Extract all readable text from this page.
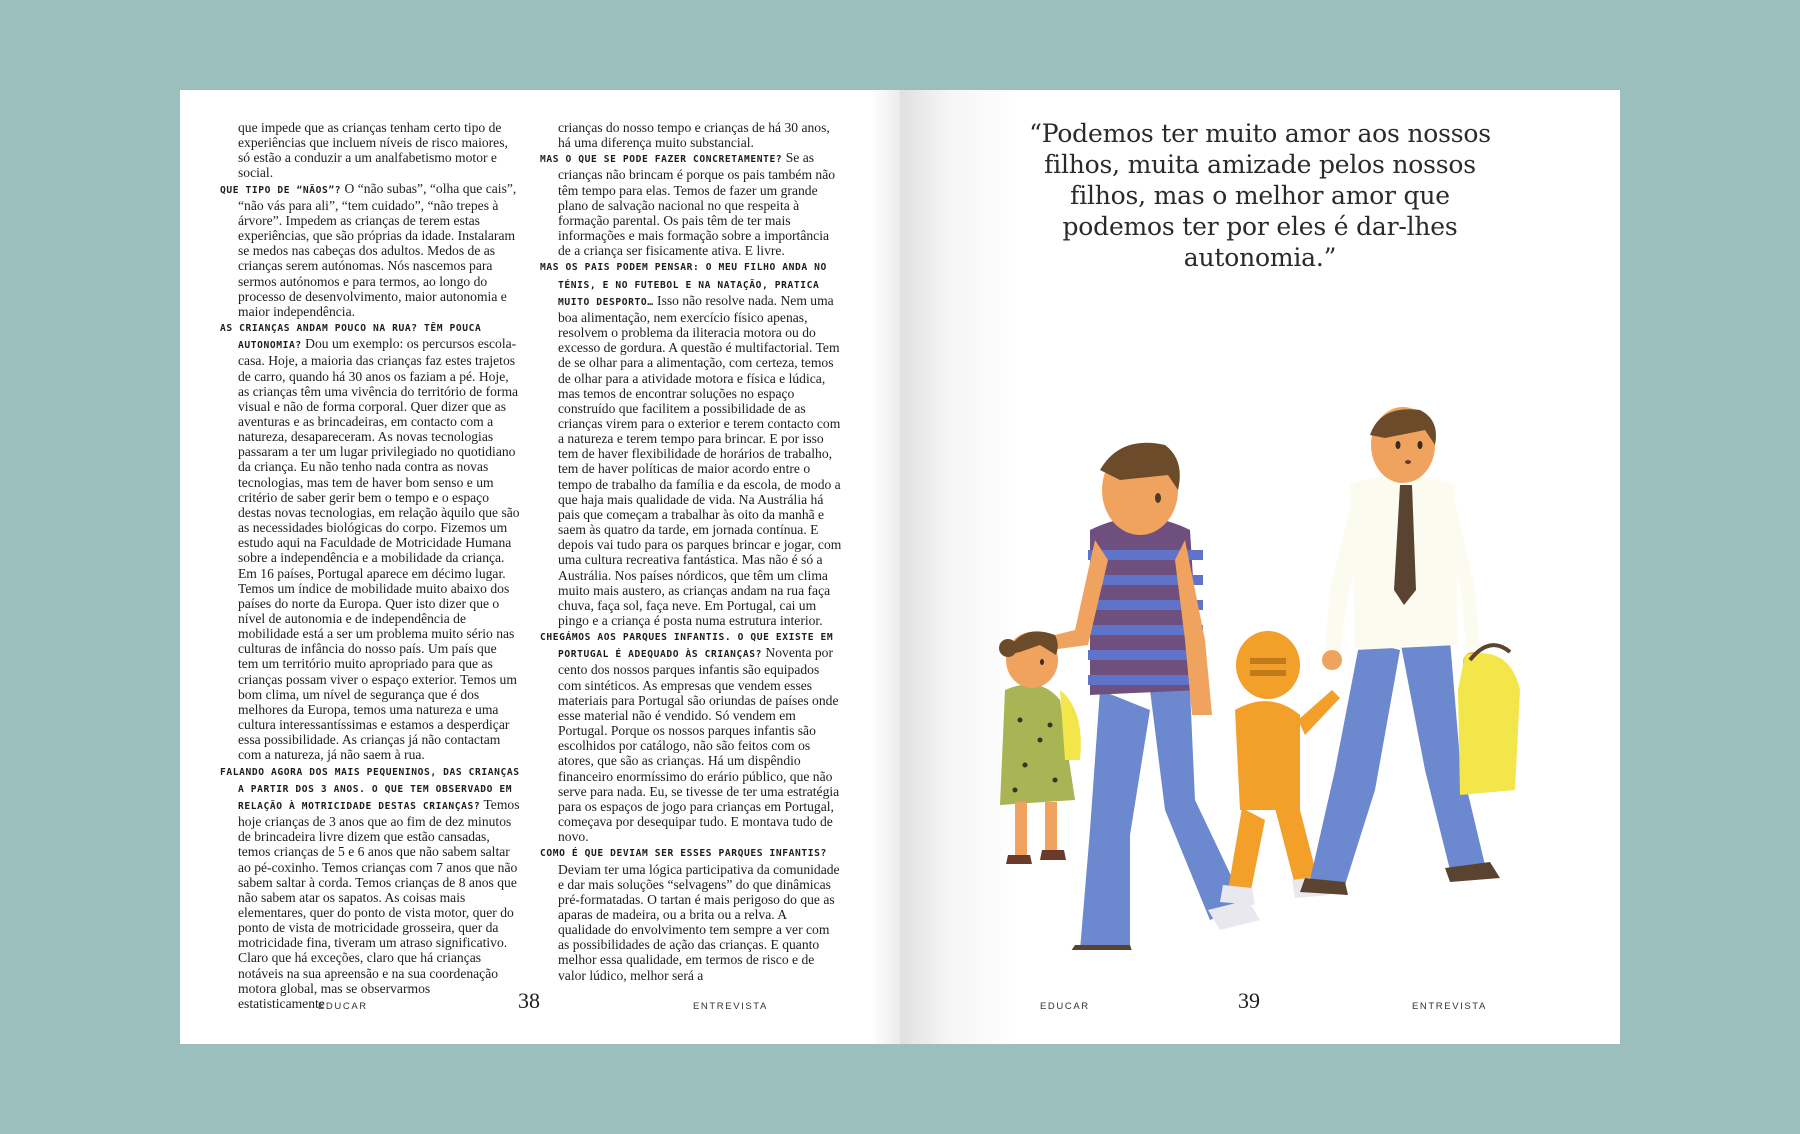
que impede que as crianças tenham certo tipo de experiências que incluem níveis de risco maiores, só estão a conduzir a um analfabetismo motor e social.

QUE TIPO DE “NÃOS”? O “não subas”, “olha que cais”, “não vás para ali”, “tem cuidado”, “não trepes à árvore”. Impedem as crianças de terem estas experiências, que são próprias da idade. Instalaram se medos nas cabeças dos adultos. Medos de as crianças serem autónomas. Nós nascemos para sermos autónomos e para termos, ao longo do processo de desenvolvimento, maior autonomia e maior independência.

AS CRIANÇAS ANDAM POUCO NA RUA? TÊM POUCA AUTONOMIA? Dou um exemplo: os percursos escola-casa. Hoje, a maioria das crianças faz estes trajetos de carro, quando há 30 anos os faziam a pé. Hoje, as crianças têm uma vivência do território de forma visual e não de forma corporal. Quer dizer que as aventuras e as brincadeiras, em contacto com a natureza, desapareceram. As novas tecnologias passaram a ter um lugar privilegiado no quotidiano da criança. Eu não tenho nada contra as novas tecnologias, mas tem de haver bom senso e um critério de saber gerir bem o tempo e o espaço destas novas tecnologias, em relação àquilo que são as necessidades biológicas do corpo. Fizemos um estudo aqui na Faculdade de Motricidade Humana sobre a independência e a mobilidade da criança. Em 16 países, Portugal aparece em décimo lugar. Temos um índice de mobilidade muito abaixo dos países do norte da Europa. Quer isto dizer que o nível de autonomia e de independência de mobilidade está a ser um problema muito sério nas culturas de infância do nosso país. Um país que tem um território muito apropriado para que as crianças possam viver o espaço exterior. Temos um bom clima, um nível de segurança que é dos melhores da Europa, temos uma natureza e uma cultura interessantíssimas e estamos a desperdiçar essa possibilidade. As crianças já não contactam com a natureza, já não saem à rua.

FALANDO AGORA DOS MAIS PEQUENINOS, DAS CRIANÇAS A PARTIR DOS 3 ANOS. O QUE TEM OBSERVADO EM RELAÇÃO À MOTRICIDADE DESTAS CRIANÇAS? Temos hoje crianças de 3 anos que ao fim de dez minutos de brincadeira livre dizem que estão cansadas, temos crianças de 5 e 6 anos que não sabem saltar ao pé-coxinho. Temos crianças com 7 anos que não sabem saltar à corda. Temos crianças de 8 anos que não sabem atar os sapatos. As coisas mais elementares, quer do ponto de vista motor, quer do ponto de vista de motricidade grosseira, quer da motricidade fina, tiveram um atraso significativo. Claro que há exceções, claro que há crianças notáveis na sua apreensão e na sua coordenação motora global, mas se observarmos estatisticamente

crianças do nosso tempo e crianças de há 30 anos, há uma diferença muito substancial.

MAS O QUE SE PODE FAZER CONCRETAMENTE? Se as crianças não brincam é porque os pais também não têm tempo para elas. Temos de fazer um grande plano de salvação nacional no que respeita à formação parental. Os pais têm de ter mais informações e mais formação sobre a importância de a criança ser fisicamente ativa. E livre.

MAS OS PAIS PODEM PENSAR: O MEU FILHO ANDA NO TÉNIS, E NO FUTEBOL E NA NATAÇÃO, PRATICA MUITO DESPORTO… Isso não resolve nada. Nem uma boa alimentação, nem exercício físico apenas, resolvem o problema da iliteracia motora ou do excesso de gordura. A questão é multifactorial. Tem de se olhar para a alimentação, com certeza, temos de olhar para a atividade motora e física e lúdica, mas temos de encontrar soluções no espaço construído que facilitem a possibilidade de as crianças virem para o exterior e terem contacto com a natureza e terem tempo para brincar. E por isso tem de haver flexibilidade de horários de trabalho, tem de haver políticas de maior acordo entre o tempo de trabalho da família e da escola, de modo a que haja mais qualidade de vida. Na Austrália há pais que começam a trabalhar às oito da manhã e saem às quatro da tarde, em jornada contínua. E depois vai tudo para os parques brincar e jogar, com uma cultura recreativa fantástica. Mas não é só a Austrália. Nos países nórdicos, que têm um clima muito mais austero, as crianças andam na rua faça chuva, faça sol, faça neve. Em Portugal, cai um pingo e a criança é posta numa estrutura interior.

CHEGÁMOS AOS PARQUES INFANTIS. O QUE EXISTE EM PORTUGAL É ADEQUADO ÀS CRIANÇAS? Noventa por cento dos nossos parques infantis são equipados com sintéticos. As empresas que vendem esses materiais para Portugal são oriundas de países onde esse material não é vendido. Só vendem em Portugal. Porque os nossos parques infantis são escolhidos por catálogo, não são feitos com os atores, que são as crianças. Há um dispêndio financeiro enormíssimo do erário público, que não serve para nada. Eu, se tivesse de ter uma estratégia para os espaços de jogo para crianças em Portugal, começava por desequipar tudo. E montava tudo de novo.

COMO É QUE DEVIAM SER ESSES PARQUES INFANTIS? Deviam ter uma lógica participativa da comunidade e dar mais soluções “selvagens” do que dinâmicas pré-formatadas. O tartan é mais perigoso do que as aparas de madeira, ou a brita ou a relva. A qualidade do envolvimento tem sempre a ver com as possibilidades de ação das crianças. E quanto melhor essa qualidade, em termos de risco e de valor lúdico, melhor será a

EDUCAR	38	ENTREVISTA
“Podemos ter muito amor aos nossos filhos, muita amizade pelos nossos filhos, mas o melhor amor que podemos ter por eles é dar-lhes autonomia.”
EDUCAR	39	ENTREVISTA
